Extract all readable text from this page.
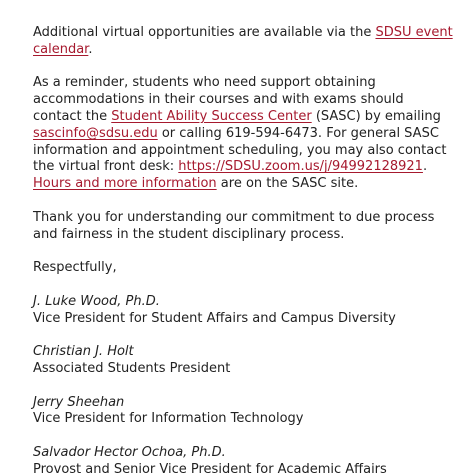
Additional virtual opportunities are available via the SDSU event calendar.

As a reminder, students who need support obtaining accommodations in their courses and with exams should contact the Student Ability Success Center (SASC) by emailing sascinfo@sdsu.edu or calling 619-594-6473. For general SASC information and appointment scheduling, you may also contact the virtual front desk: https://SDSU.zoom.us/j/94992128921. Hours and more information are on the SASC site.

Thank you for understanding our commitment to due process and fairness in the student disciplinary process.

Respectfully,

J. Luke Wood, Ph.D.

Vice President for Student Affairs and Campus Diversity

Christian J. Holt

Associated Students President

Jerry Sheehan

Vice President for Information Technology

Salvador Hector Ochoa, Ph.D.

Provost and Senior Vice President for Academic Affairs
